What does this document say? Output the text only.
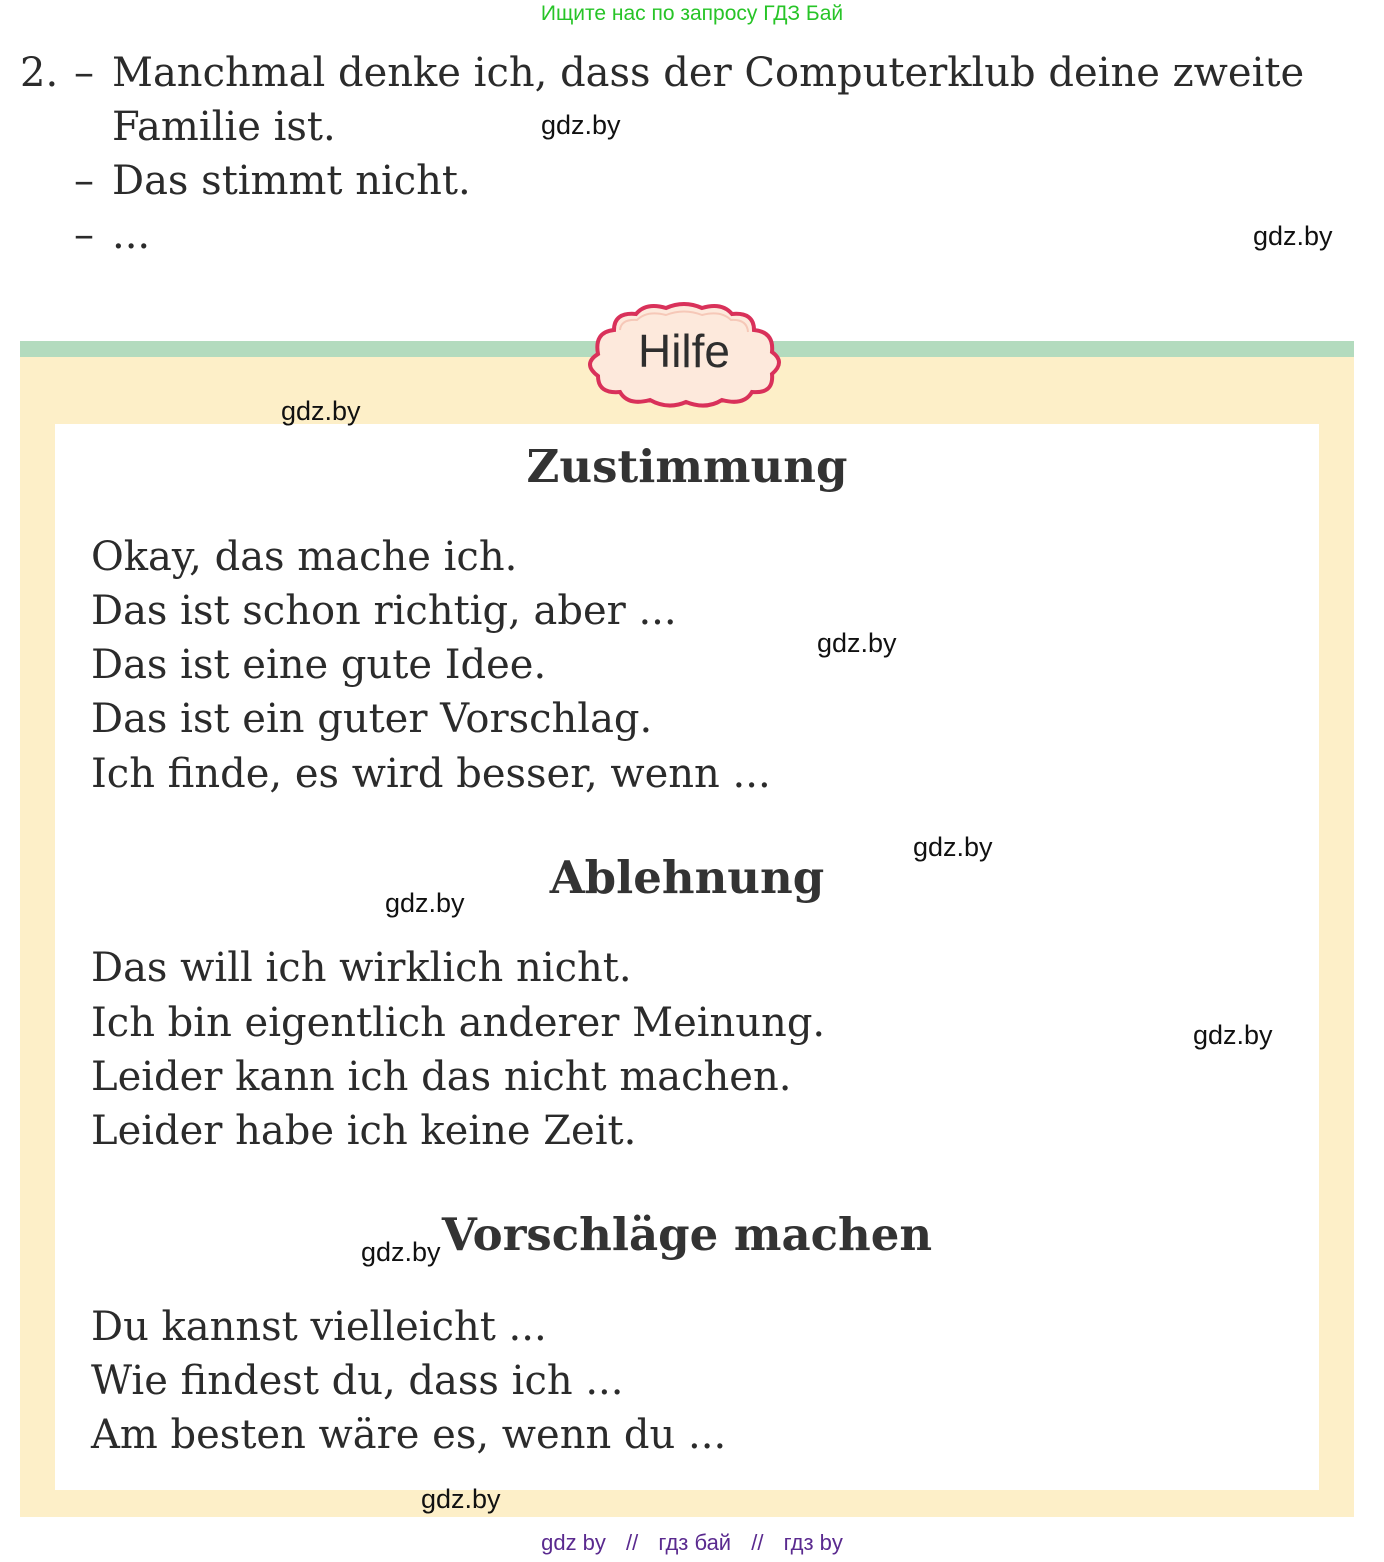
Ищите нас по запросу ГДЗ Бай
2. – Manchmal denke ich, dass der Computerklub deine zweite
Familie ist.
– Das stimmt nicht.
– ...
Hilfe
Zustimmung
Okay, das mache ich.
Das ist schon richtig, aber ...
Das ist eine gute Idee.
Das ist ein guter Vorschlag.
Ich finde, es wird besser, wenn ...
Ablehnung
Das will ich wirklich nicht.
Ich bin eigentlich anderer Meinung.
Leider kann ich das nicht machen.
Leider habe ich keine Zeit.
Vorschläge machen
Du kannst vielleicht ...
Wie findest du, dass ich ...
Am besten wäre es, wenn du ...
gdz.by
gdz.by
gdz.by
gdz.by
gdz.by
gdz.by
gdz.by
gdz.by
gdz.by
gdz by // гдз бай // гдз by
